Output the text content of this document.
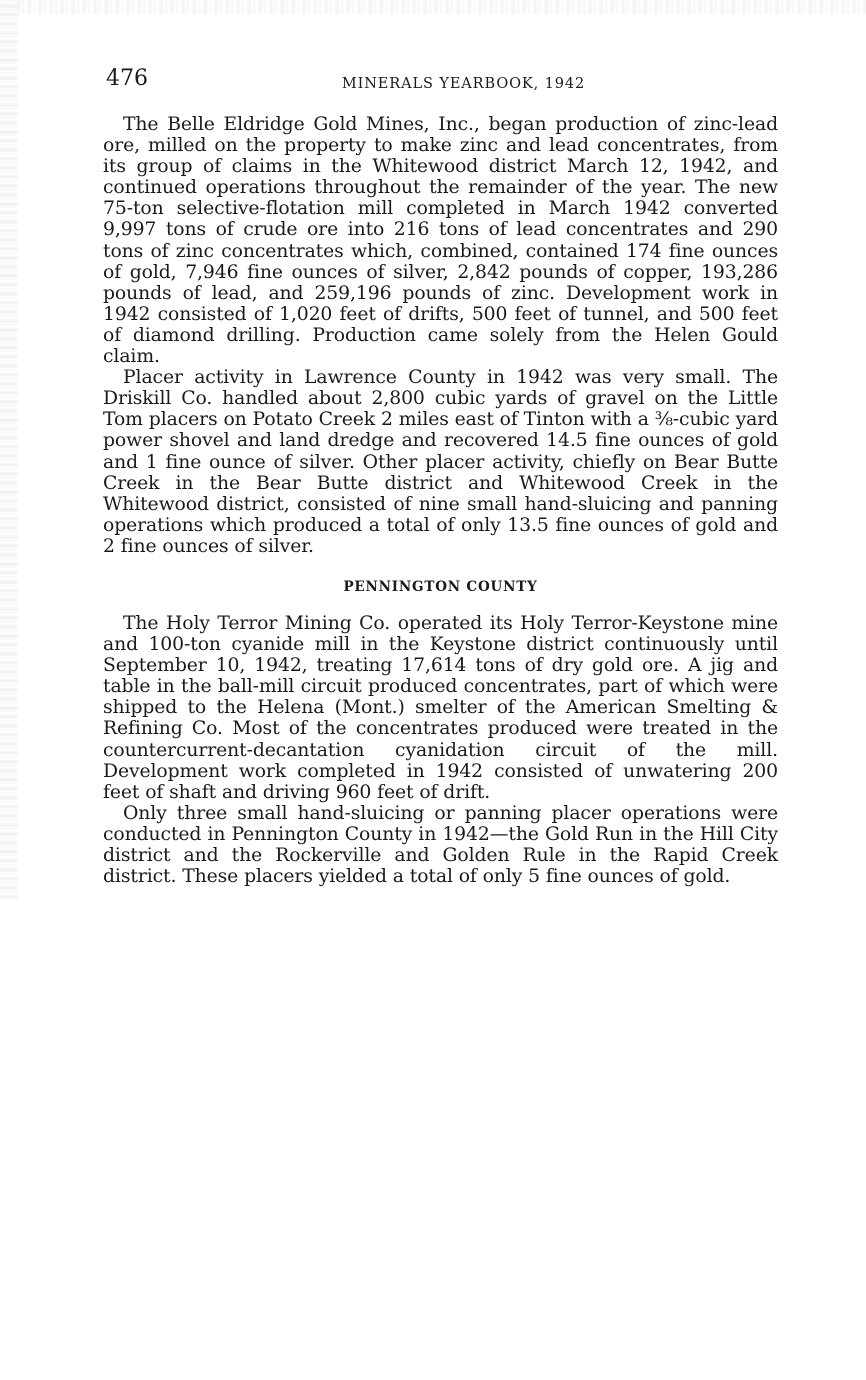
476	MINERALS YEARBOOK, 1942

The Belle Eldridge Gold Mines, Inc., began production of zinc-lead ore, milled on the property to make zinc and lead concentrates, from its group of claims in the Whitewood district March 12, 1942, and continued operations throughout the remainder of the year. The new 75-ton selective-flotation mill completed in March 1942 converted 9,997 tons of crude ore into 216 tons of lead concentrates and 290 tons of zinc concentrates which, combined, contained 174 fine ounces of gold, 7,946 fine ounces of silver, 2,842 pounds of copper, 193,286 pounds of lead, and 259,196 pounds of zinc. Development work in 1942 consisted of 1,020 feet of drifts, 500 feet of tunnel, and 500 feet of diamond drilling. Production came solely from the Helen Gould claim.

Placer activity in Lawrence County in 1942 was very small. The Driskill Co. handled about 2,800 cubic yards of gravel on the Little Tom placers on Potato Creek 2 miles east of Tinton with a ⅜-cubic yard power shovel and land dredge and recovered 14.5 fine ounces of gold and 1 fine ounce of silver. Other placer activity, chiefly on Bear Butte Creek in the Bear Butte district and Whitewood Creek in the Whitewood district, consisted of nine small hand-sluicing and panning operations which produced a total of only 13.5 fine ounces of gold and 2 fine ounces of silver.

PENNINGTON COUNTY

The Holy Terror Mining Co. operated its Holy Terror-Keystone mine and 100-ton cyanide mill in the Keystone district continuously until September 10, 1942, treating 17,614 tons of dry gold ore. A jig and table in the ball-mill circuit produced concentrates, part of which were shipped to the Helena (Mont.) smelter of the American Smelting & Refining Co. Most of the concentrates produced were treated in the countercurrent-decantation cyanidation circuit of the mill. Development work completed in 1942 consisted of unwatering 200 feet of shaft and driving 960 feet of drift.

Only three small hand-sluicing or panning placer operations were conducted in Pennington County in 1942—the Gold Run in the Hill City district and the Rockerville and Golden Rule in the Rapid Creek district. These placers yielded a total of only 5 fine ounces of gold.
